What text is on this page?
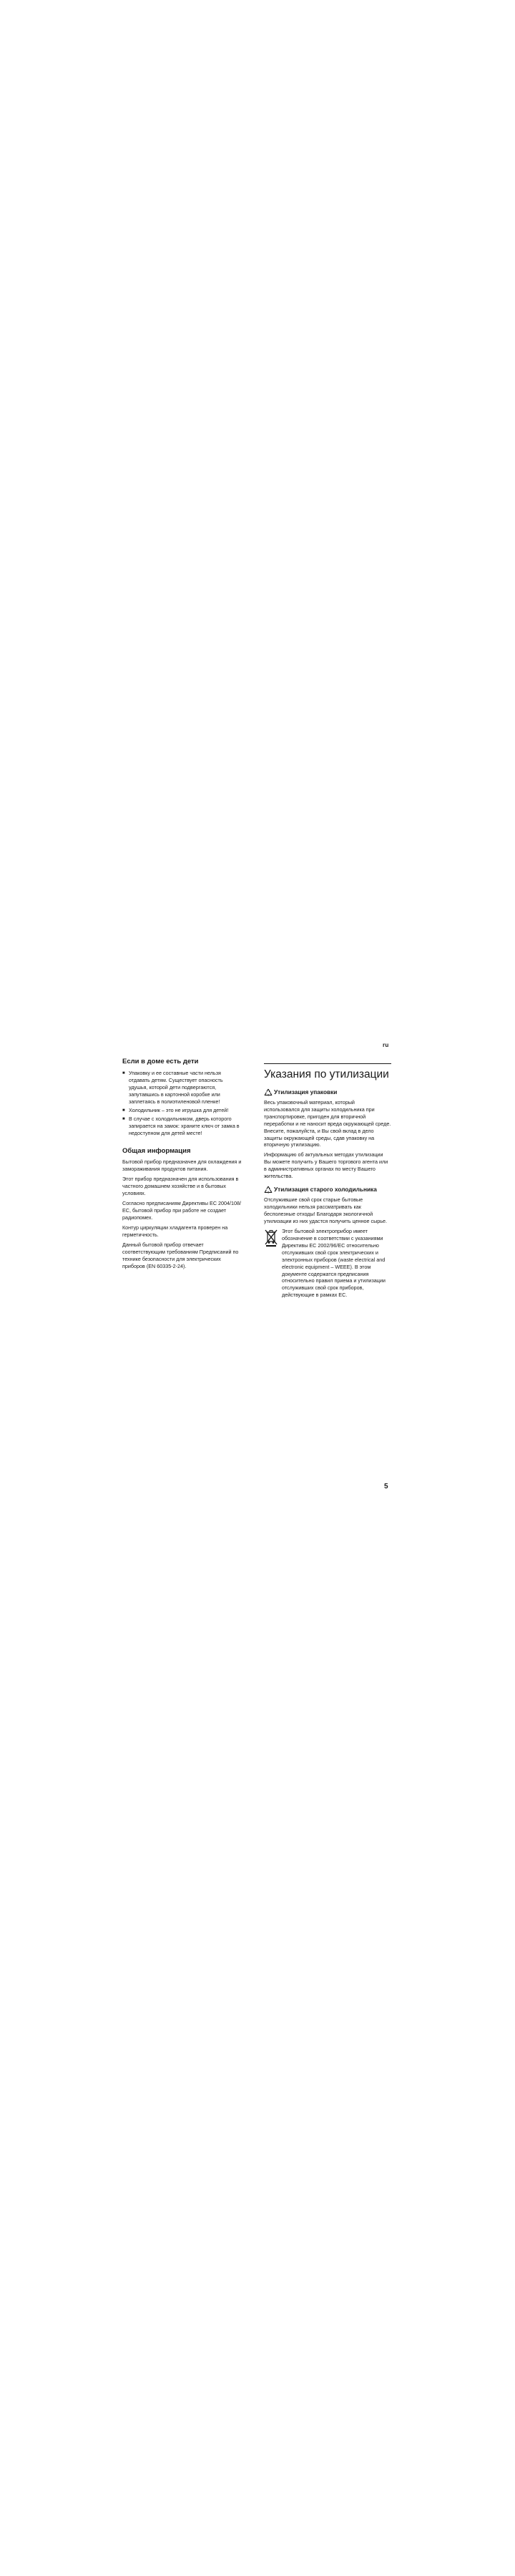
ru
Если в доме есть дети
■ Упаковку и ее составные части нельзя отдавать детям. Существует опасность удушья, которой дети подвергаются, запутавшись в картонной коробке или заплетаясь в полиэтиленовой пленке!
■ Холодильник – это не игрушка для детей!
■ В случае с холодильником, дверь которого запирается на замок: храните ключ от замка в недоступном для детей месте!
Общая информация

Бытовой прибор предназначен для охлаждения и замораживания продуктов питания.

Этот прибор предназначен для использования в частного домашнем хозяйстве и в бытовых условиях.

Согласно предписаниям Директивы ЕС 2004/108/ЕС, бытовой прибор при работе не создает радиопомех.

Контур циркуляции хладагента проверен на герметичность.

Данный бытовой прибор отвечает соответствующим требованиям Предписаний по технике безопасности для электрических приборов (EN 60335-2-24).

Указания по утилизации
Утилизация упаковки

Весь упаковочный материал, который использовался для защиты холодильника при транспортировке, пригоден для вторичной переработки и не наносит вреда окружающей среде. Внесите, пожалуйста, и Вы свой вклад в дело защиты окружающей среды, сдав упаковку на вторичную утилизацию.

Информацию об актуальных методах утилизации Вы можете получить у Вашего торгового агента или в административных органах по месту Вашего жительства.

Утилизация старого холодильника

Отслужившие свой срок старые бытовые холодильники нельзя рассматривать как бесполезные отходы! Благодаря экологичной утилизации из них удастся получить ценное сырье.

Этот бытовой электроприбор имеет обозначение в соответствии с указаниями Директивы ЕС 2002/96/ЕС относительно отслуживших свой срок электрических и электронных приборов (waste electrical and electronic equipment – WEEE). В этом документе содержатся предписания относительно правил приема и утилизации отслуживших свой срок приборов, действующие в рамках ЕС.

5
